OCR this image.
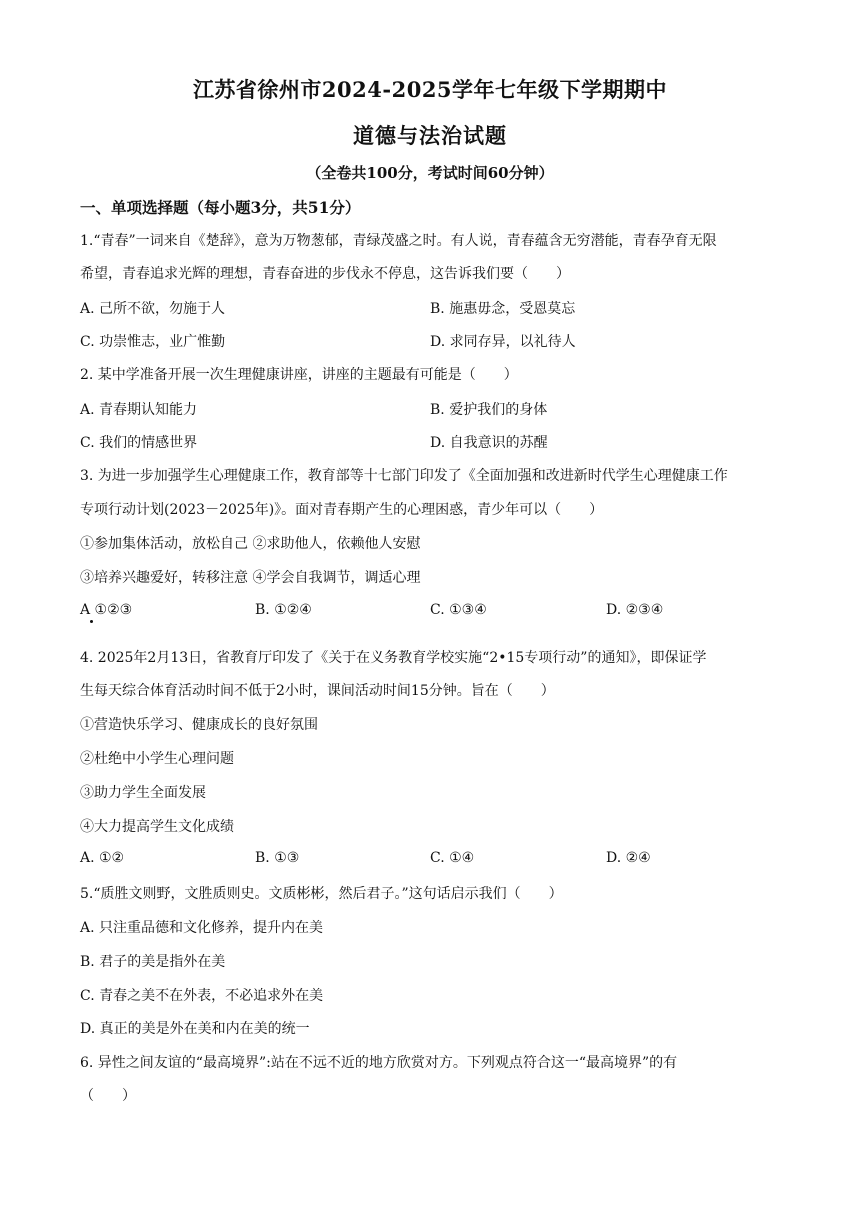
江苏省徐州市2024-2025学年七年级下学期期中
道德与法治试题
（全卷共100分，考试时间60分钟）
一、单项选择题（每小题3分，共51分）
1.“青春”一词来自《楚辞》，意为万物葱郁，青绿茂盛之时。有人说，青春蕴含无穷潜能，青春孕育无限
希望，青春追求光辉的理想，青春奋进的步伐永不停息，这告诉我们要（　　）
A. 己所不欲，勿施于人	B. 施惠毋念，受恩莫忘
C. 功崇惟志，业广惟勤	D. 求同存异，以礼待人
2. 某中学准备开展一次生理健康讲座，讲座的主题最有可能是（　　）
A. 青春期认知能力	B. 爱护我们的身体
C. 我们的情感世界	D. 自我意识的苏醒
3. 为进一步加强学生心理健康工作，教育部等十七部门印发了《全面加强和改进新时代学生心理健康工作
专项行动计划(2023－2025年)》。面对青春期产生的心理困惑，青少年可以（　　）
①参加集体活动，放松自己 ②求助他人，依赖他人安慰
③培养兴趣爱好，转移注意 ④学会自我调节，调适心理
A ①②③	B. ①②④	C. ①③④	D. ②③④
4. 2025年2月13日，省教育厅印发了《关于在义务教育学校实施“2•15专项行动”的通知》，即保证学
生每天综合体育活动时间不低于2小时，课间活动时间15分钟。旨在（　　）
①营造快乐学习、健康成长的良好氛围
②杜绝中小学生心理问题
③助力学生全面发展
④大力提高学生文化成绩
A. ①②	B. ①③	C. ①④	D. ②④
5.“质胜文则野，文胜质则史。文质彬彬，然后君子。”这句话启示我们（　　）
A. 只注重品德和文化修养，提升内在美
B. 君子的美是指外在美
C. 青春之美不在外表，不必追求外在美
D. 真正的美是外在美和内在美的统一
6. 异性之间友谊的“最高境界”:站在不远不近的地方欣赏对方。下列观点符合这一“最高境界”的有
（　　）
